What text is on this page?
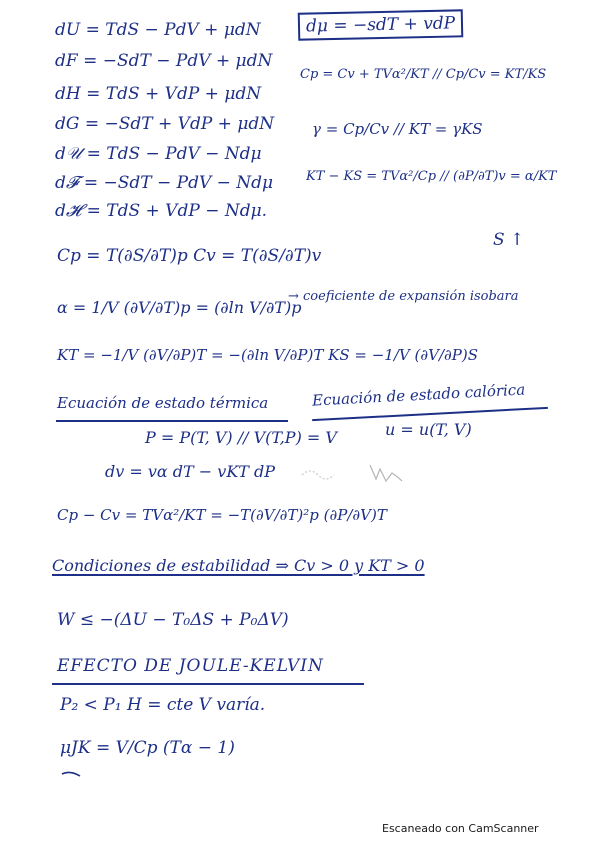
dU = TdS − PdV + μdN
dF = −SdT − PdV + μdN
dH = TdS + VdP + μdN
dG = −SdT + VdP + μdN
d𝒰 = TdS − PdV − Ndμ
d𝓕 = −SdT − PdV − Ndμ
d𝓗 = TdS + VdP − Ndμ.
dμ = −sdT + vdP
Cp = Cv + TVα²/KT // Cp/Cv = KT/KS
γ = Cp/Cv // KT = γKS
KT − KS = TVα²/Cp // (∂P/∂T)v = α/KT
Cp = T(∂S/∂T)p Cv = T(∂S/∂T)v
S ↑
α = 1/V (∂V/∂T)p = (∂ln V/∂T)p
→ coeficiente de expansión isobara
KT = −1/V (∂V/∂P)T = −(∂ln V/∂P)T KS = −1/V (∂V/∂P)S
Ecuación de estado térmica	Ecuación de estado calórica
P = P(T, V) // V(T,P) = V	u = u(T, V)
dv = vα dT − vKT dP
Cp − Cv = TVα²/KT = −T(∂V/∂T)²p (∂P/∂V)T
Condiciones de estabilidad ⇒ Cv > 0 y KT > 0
W ≤ −(ΔU − T₀ΔS + P₀ΔV)
EFECTO DE JOULE-KELVIN
P₂ < P₁ H = cte V varía.
μJK = V/Cp (Tα − 1)
Escaneado con CamScanner
